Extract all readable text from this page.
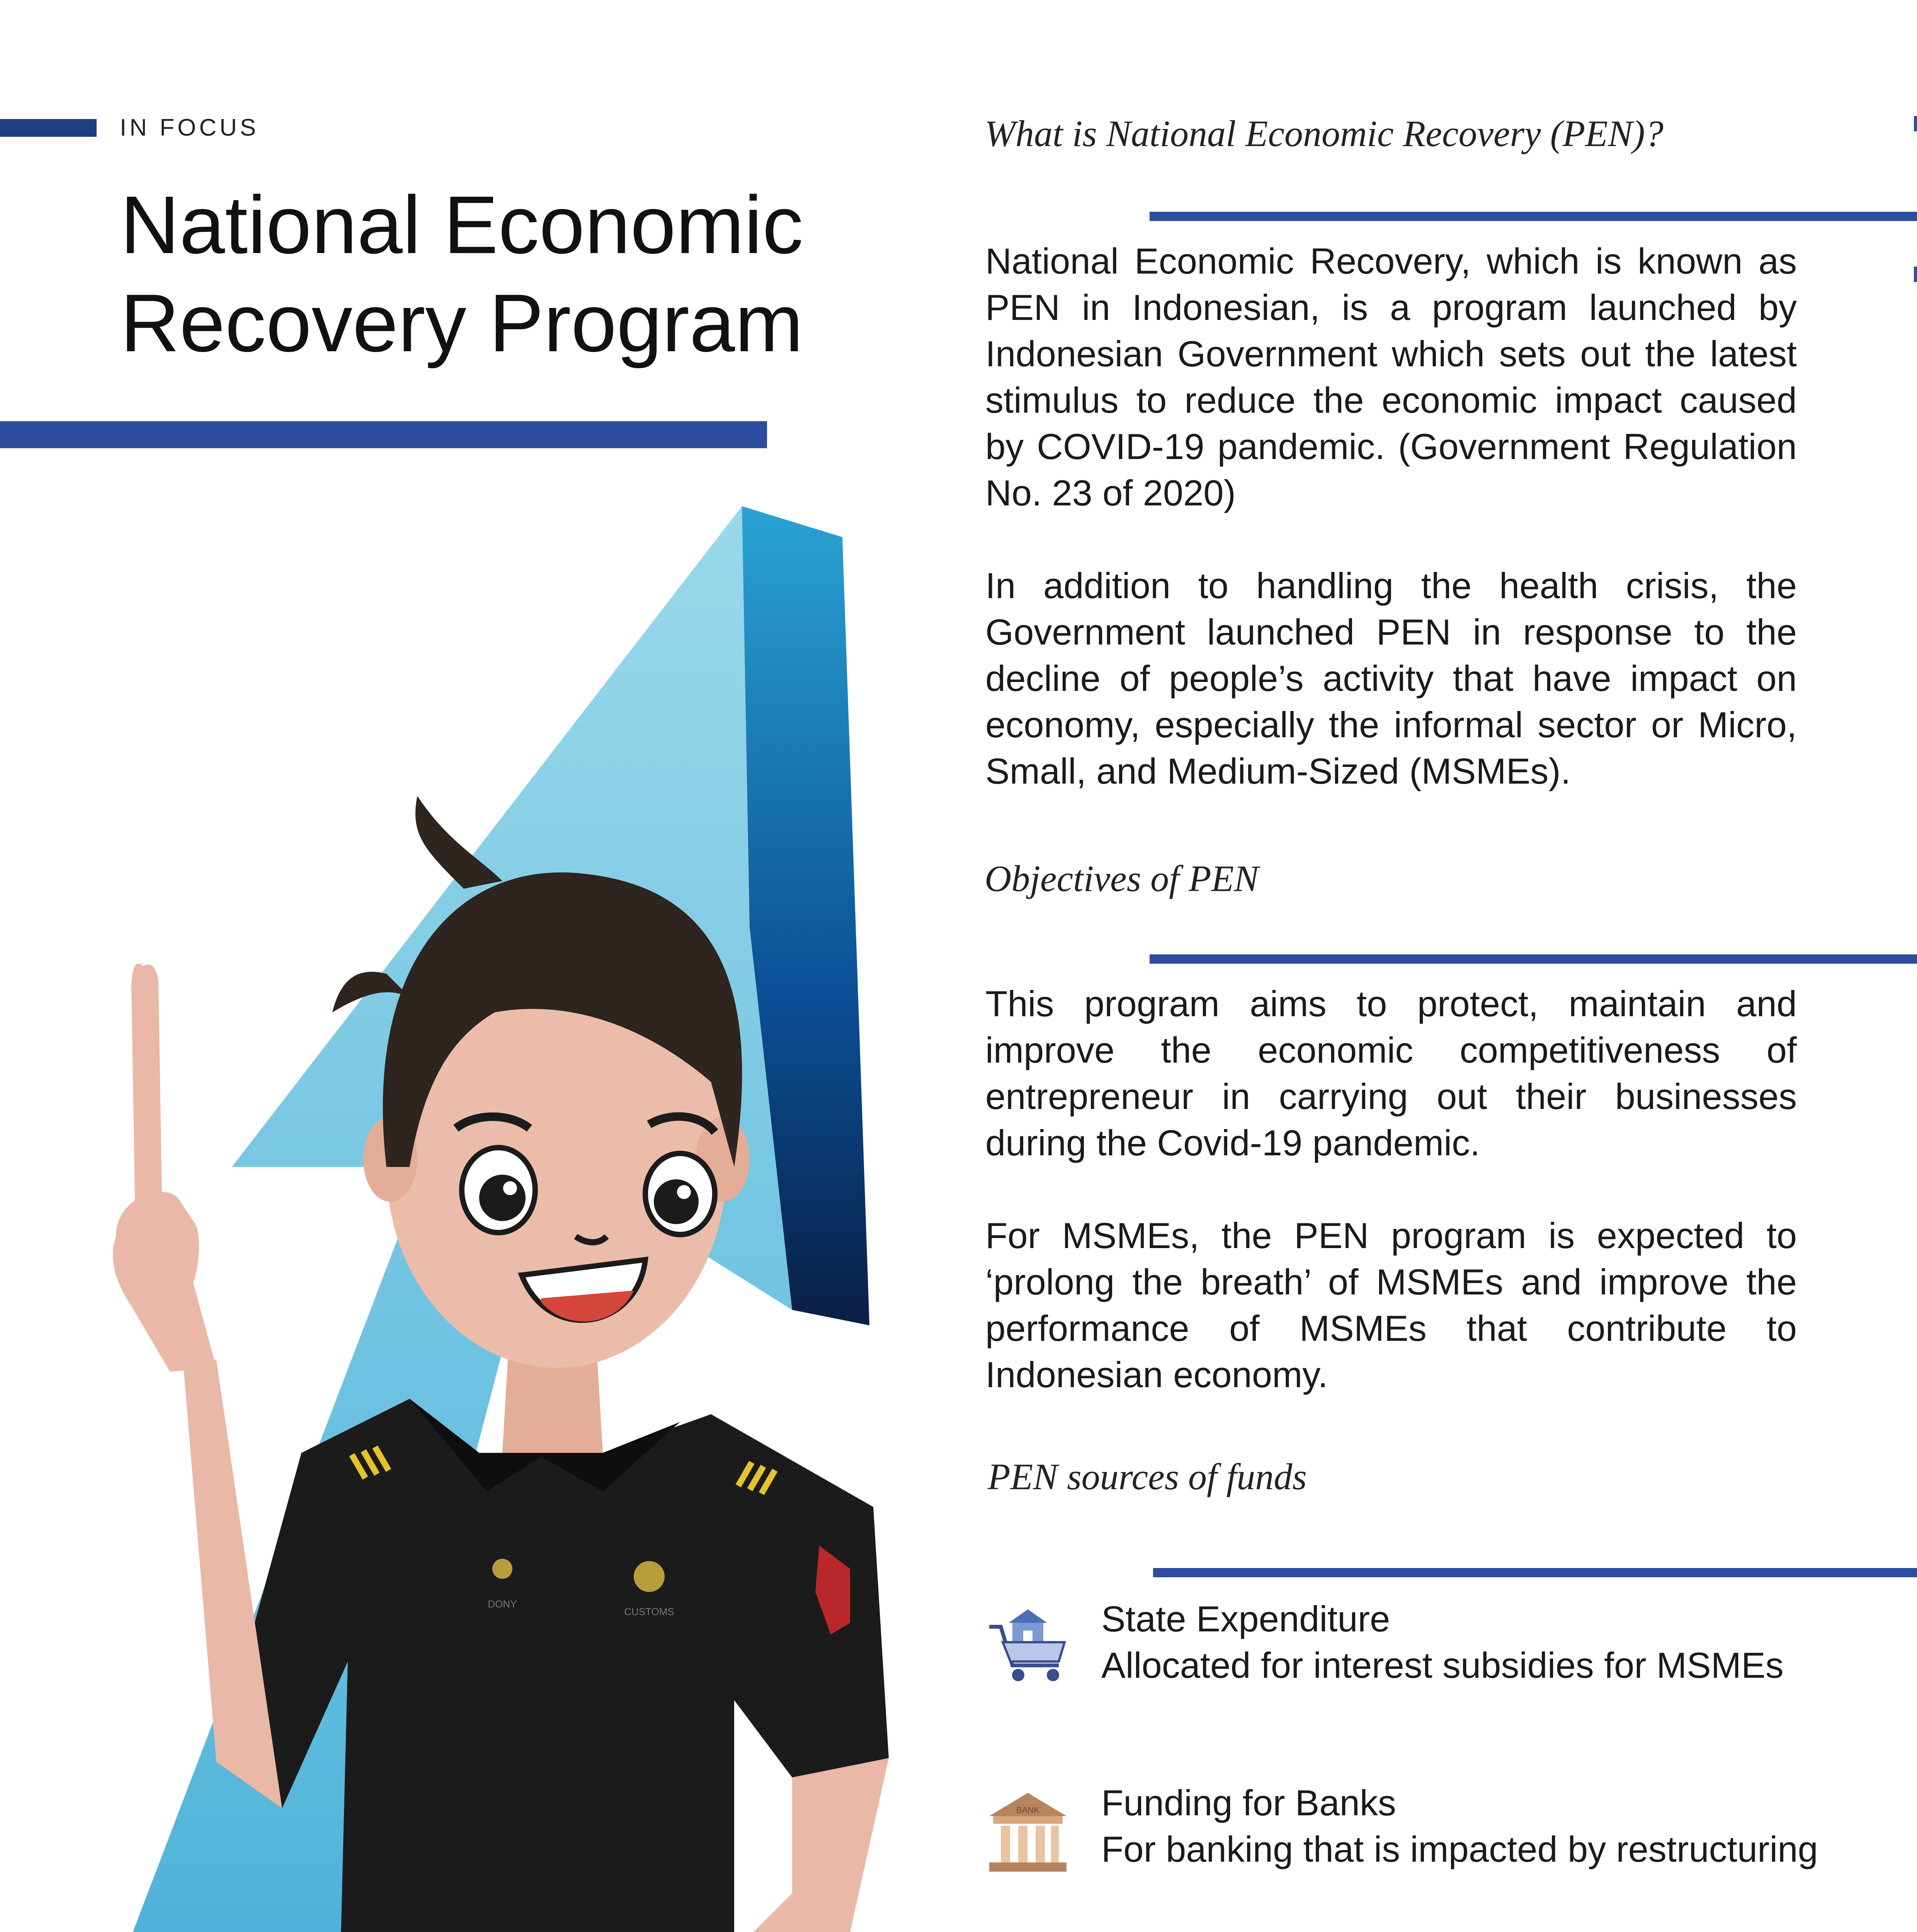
IN FOCUS
National Economic
Recovery Program
DONY
CUSTOMS
What is National Economic Recovery (PEN)?
National Economic Recovery, which is known as PEN in Indonesian, is a program launched by Indonesian Government which sets out the latest stimulus to reduce the economic impact caused by COVID-19 pandemic. (Government Regulation No. 23 of 2020)
In addition to handling the health crisis, the Government launched PEN in response to the decline of people’s activity that have impact on economy, especially the informal sector or Micro, Small, and Medium-Sized (MSMEs).
Objectives of PEN
This program aims to protect, maintain and improve the economic competitiveness of entrepreneur in carrying out their businesses during the Covid-19 pandemic.
For MSMEs, the PEN program is expected to ‘prolong the breath’ of MSMEs and improve the performance of MSMEs that contribute to Indonesian economy.
PEN sources of funds
State Expenditure
Allocated for interest subsidies for MSMEs
BANK Funding for Banks
For banking that is impacted by restructuring
